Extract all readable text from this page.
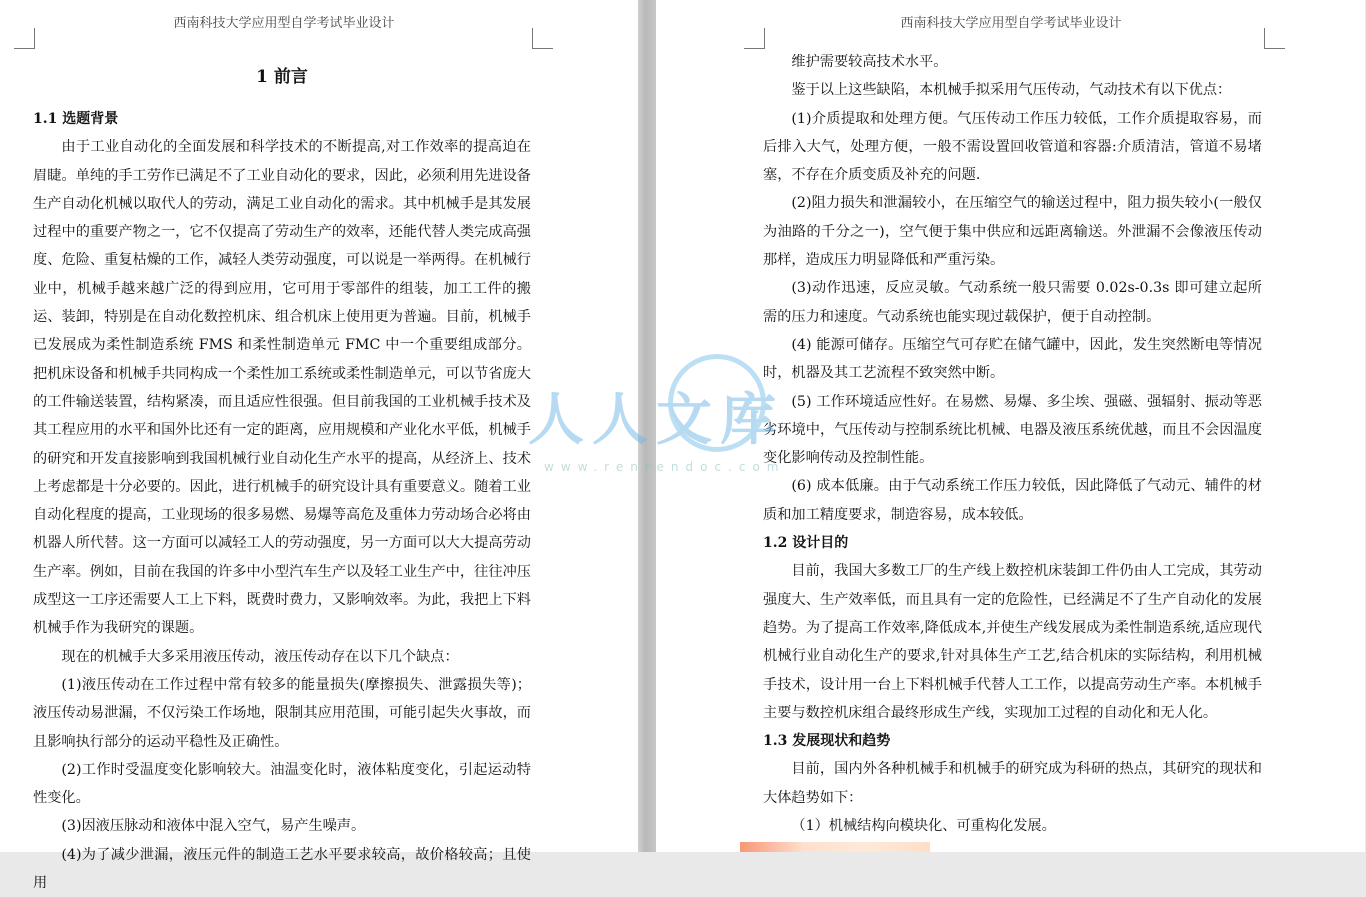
西南科技大学应用型自学考试毕业设计

1 前言

1.1 选题背景

由于工业自动化的全面发展和科学技术的不断提高,对工作效率的提高迫在眉睫。单纯的手工劳作已满足不了工业自动化的要求，因此，必须利用先进设备生产自动化机械以取代人的劳动，满足工业自动化的需求。其中机械手是其发展过程中的重要产物之一，它不仅提高了劳动生产的效率，还能代替人类完成高强度、危险、重复枯燥的工作，减轻人类劳动强度，可以说是一举两得。在机械行业中，机械手越来越广泛的得到应用，它可用于零部件的组装，加工工件的搬运、装卸，特别是在自动化数控机床、组合机床上使用更为普遍。目前，机械手已发展成为柔性制造系统 FMS 和柔性制造单元 FMC 中一个重要组成部分。把机床设备和机械手共同构成一个柔性加工系统或柔性制造单元，可以节省庞大的工件输送装置，结构紧凑，而且适应性很强。但目前我国的工业机械手技术及其工程应用的水平和国外比还有一定的距离，应用规模和产业化水平低，机械手的研究和开发直接影响到我国机械行业自动化生产水平的提高，从经济上、技术上考虑都是十分必要的。因此，进行机械手的研究设计具有重要意义。随着工业自动化程度的提高，工业现场的很多易燃、易爆等高危及重体力劳动场合必将由机器人所代替。这一方面可以减轻工人的劳动强度，另一方面可以大大提高劳动生产率。例如，目前在我国的许多中小型汽车生产以及轻工业生产中，往往冲压成型这一工序还需要人工上下料，既费时费力，又影响效率。为此，我把上下料机械手作为我研究的课题。

现在的机械手大多采用液压传动，液压传动存在以下几个缺点：

(1)液压传动在工作过程中常有较多的能量损失(摩擦损失、泄露损失等)；液压传动易泄漏，不仅污染工作场地，限制其应用范围，可能引起失火事故，而且影响执行部分的运动平稳性及正确性。

(2)工作时受温度变化影响较大。油温变化时，液体粘度变化，引起运动特性变化。

(3)因液压脉动和液体中混入空气，易产生噪声。

(4)为了减少泄漏，液压元件的制造工艺水平要求较高，故价格较高；且使用

西南科技大学应用型自学考试毕业设计

维护需要较高技术水平。

鉴于以上这些缺陷，本机械手拟采用气压传动，气动技术有以下优点：

(1)介质提取和处理方便。气压传动工作压力较低，工作介质提取容易，而后排入大气，处理方便，一般不需设置回收管道和容器:介质清洁，管道不易堵塞，不存在介质变质及补充的问题.

(2)阻力损失和泄漏较小，在压缩空气的输送过程中，阻力损失较小(一般仅为油路的千分之一)，空气便于集中供应和远距离输送。外泄漏不会像液压传动那样，造成压力明显降低和严重污染。

(3)动作迅速，反应灵敏。气动系统一般只需要 0.02s-0.3s 即可建立起所需的压力和速度。气动系统也能实现过载保护，便于自动控制。

(4) 能源可储存。压缩空气可存贮在储气罐中，因此，发生突然断电等情况时，机器及其工艺流程不致突然中断。

(5) 工作环境适应性好。在易燃、易爆、多尘埃、强磁、强辐射、振动等恶劣环境中，气压传动与控制系统比机械、电器及液压系统优越，而且不会因温度变化影响传动及控制性能。

(6) 成本低廉。由于气动系统工作压力较低，因此降低了气动元、辅件的材质和加工精度要求，制造容易，成本较低。

1.2 设计目的

目前，我国大多数工厂的生产线上数控机床装卸工件仍由人工完成，其劳动强度大、生产效率低，而且具有一定的危险性，已经满足不了生产自动化的发展趋势。为了提高工作效率,降低成本,并使生产线发展成为柔性制造系统,适应现代机械行业自动化生产的要求,针对具体生产工艺,结合机床的实际结构，利用机械手技术，设计用一台上下料机械手代替人工工作，以提高劳动生产率。本机械手主要与数控机床组合最终形成生产线，实现加工过程的自动化和无人化。

1.3 发展现状和趋势

目前，国内外各种机械手和机械手的研究成为科研的热点，其研究的现状和大体趋势如下：

（1）机械结构向模块化、可重构化发展。

人人文库
www.renrendoc.com
